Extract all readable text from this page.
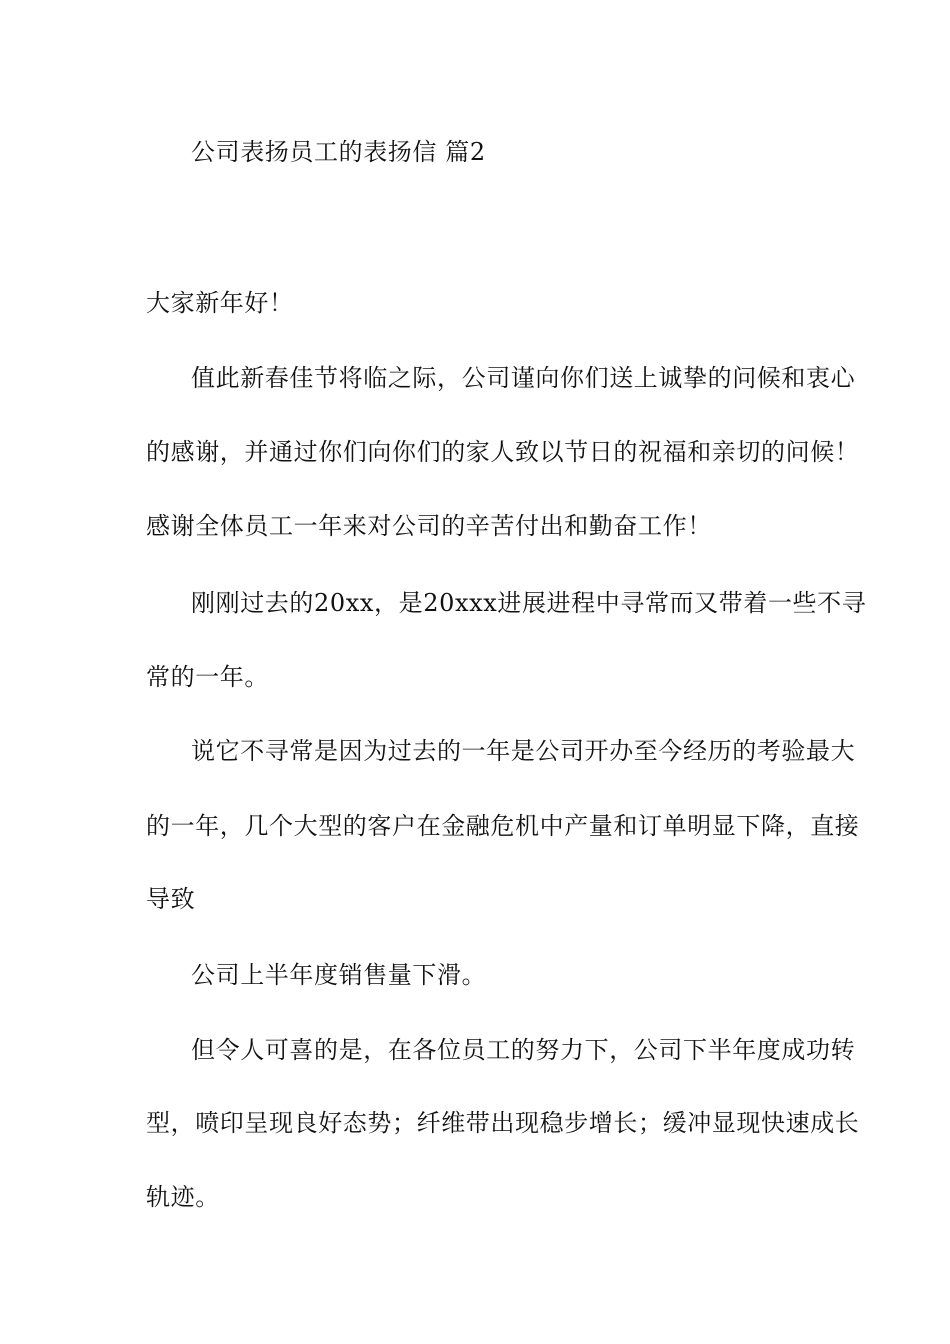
公司表扬员工的表扬信 篇2
大家新年好！
值此新春佳节将临之际，公司谨向你们送上诚挚的问候和衷心
的感谢，并通过你们向你们的家人致以节日的祝福和亲切的问候！
感谢全体员工一年来对公司的辛苦付出和勤奋工作！
刚刚过去的20xx，是20xxx进展进程中寻常而又带着一些不寻
常的一年。
说它不寻常是因为过去的一年是公司开办至今经历的考验最大
的一年，几个大型的客户在金融危机中产量和订单明显下降，直接
导致
公司上半年度销售量下滑。
但令人可喜的是，在各位员工的努力下，公司下半年度成功转
型，喷印呈现良好态势；纤维带出现稳步增长；缓冲显现快速成长
轨迹。
